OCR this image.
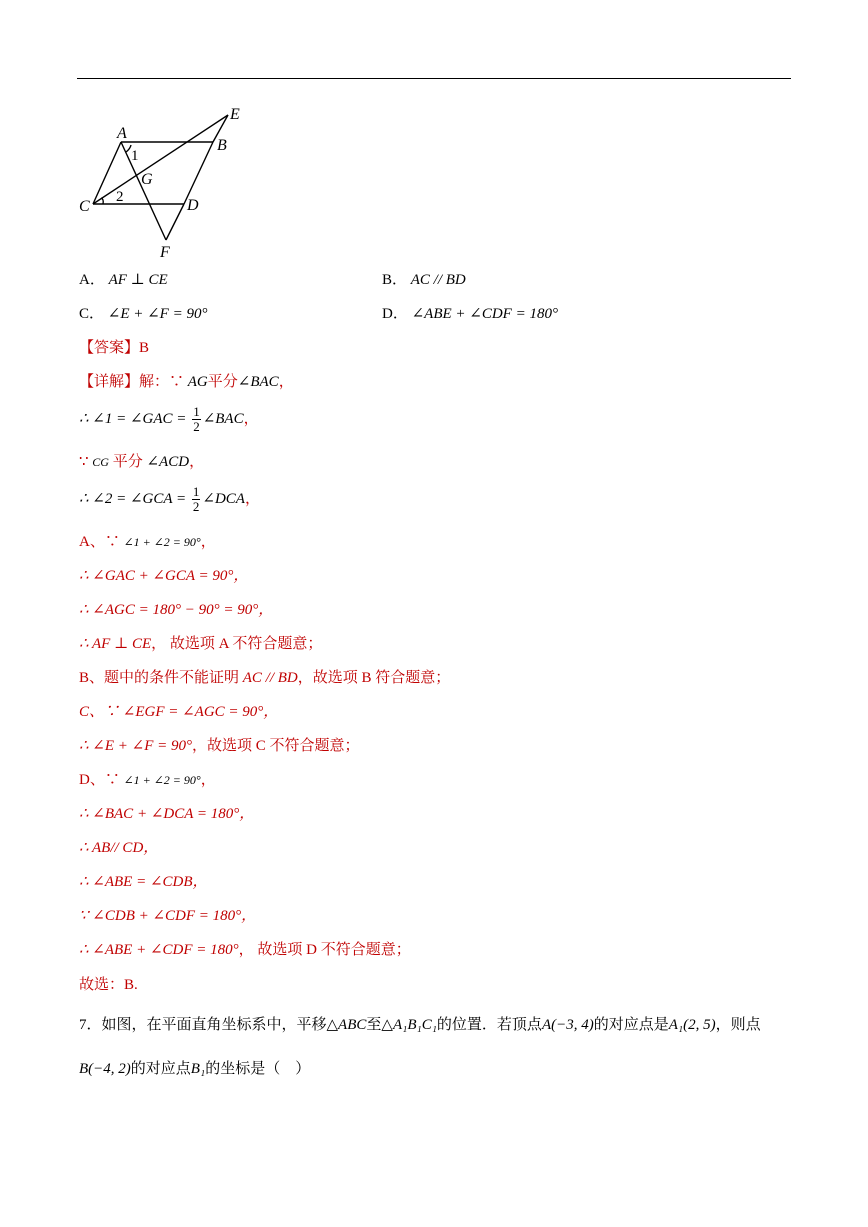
A
B
C	D
E
F
G
1
2
A． AF ⊥ CE	B． AC // BD
C． ∠E + ∠F = 90°	D． ∠ABE + ∠CDF = 180°
【答案】B
【详解】解：∵ AG平分∠BAC，
∴ ∠1 = ∠GAC = $\frac{1}{2}$ ∠BAC，
∵ CG 平分 ∠ACD，
∴ ∠2 = ∠GCA = $\frac{1}{2}$ ∠DCA，
A、∵ ∠1 + ∠2 = 90°，
∴ ∠GAC + ∠GCA = 90°，
∴ ∠AGC = 180° − 90° = 90°，
∴ AF ⊥ CE， 故选项 A 不符合题意；
B、题中的条件不能证明 AC // BD，故选项 B 符合题意；
C、∵ ∠EGF = ∠AGC = 90°，
∴ ∠E + ∠F = 90°，故选项 C 不符合题意；
D、∵ ∠1 + ∠2 = 90°，
∴ ∠BAC + ∠DCA = 180°，
∴ AB// CD，
∴ ∠ABE = ∠CDB，
∵ ∠CDB + ∠CDF = 180°，
∴ ∠ABE + ∠CDF = 180°， 故选项 D 不符合题意；
故选：B.
7．如图，在平面直角坐标系中，平移△ABC至△A₁B₁C₁的位置．若顶点A(−3, 4)的对应点是A₁(2, 5)，则点
B(−4, 2)的对应点B₁的坐标是（　）
